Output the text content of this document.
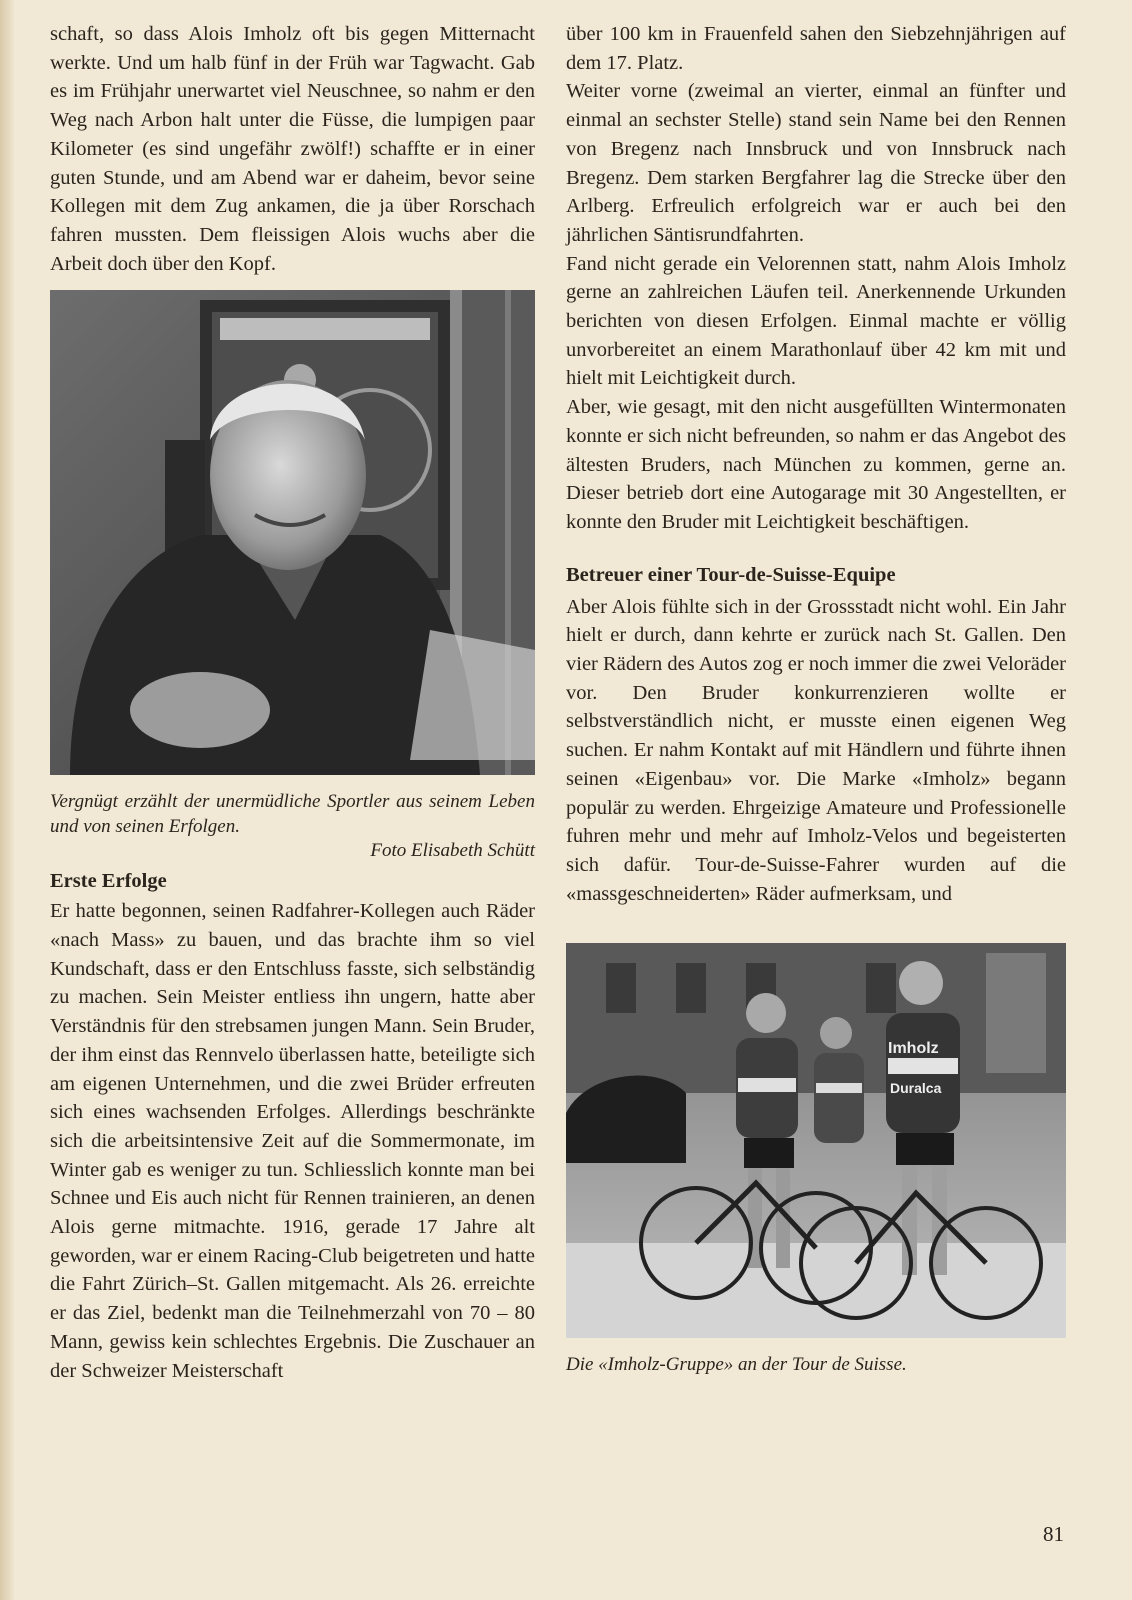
schaft, so dass Alois Imholz oft bis gegen Mitternacht werkte. Und um halb fünf in der Früh war Tagwacht. Gab es im Frühjahr unerwartet viel Neuschnee, so nahm er den Weg nach Arbon halt unter die Füsse, die lumpigen paar Kilometer (es sind ungefähr zwölf!) schaffte er in einer guten Stunde, und am Abend war er daheim, bevor seine Kollegen mit dem Zug ankamen, die ja über Rorschach fahren mussten. Dem fleissigen Alois wuchs aber die Arbeit doch über den Kopf.

Vergnügt erzählt der unermüdliche Sportler aus seinem Leben und von seinen Erfolgen.

Foto Elisabeth Schütt

Erste Erfolge

Er hatte begonnen, seinen Radfahrer-Kollegen auch Räder «nach Mass» zu bauen, und das brachte ihm so viel Kundschaft, dass er den Entschluss fasste, sich selbständig zu machen. Sein Meister entliess ihn ungern, hatte aber Verständnis für den strebsamen jungen Mann. Sein Bruder, der ihm einst das Rennvelo überlassen hatte, beteiligte sich am eigenen Unternehmen, und die zwei Brüder erfreuten sich eines wachsenden Erfolges. Allerdings beschränkte sich die arbeitsintensive Zeit auf die Sommermonate, im Winter gab es weniger zu tun. Schliesslich konnte man bei Schnee und Eis auch nicht für Rennen trainieren, an denen Alois gerne mitmachte. 1916, gerade 17 Jahre alt geworden, war er einem Racing-Club beigetreten und hatte die Fahrt Zürich–St. Gallen mitgemacht. Als 26. erreichte er das Ziel, bedenkt man die Teilnehmerzahl von 70 – 80 Mann, gewiss kein schlechtes Ergebnis. Die Zuschauer an der Schweizer Meisterschaft

über 100 km in Frauenfeld sahen den Siebzehnjährigen auf dem 17. Platz.

Weiter vorne (zweimal an vierter, einmal an fünfter und einmal an sechster Stelle) stand sein Name bei den Rennen von Bregenz nach Innsbruck und von Innsbruck nach Bregenz. Dem starken Bergfahrer lag die Strecke über den Arlberg. Erfreulich erfolgreich war er auch bei den jährlichen Säntisrundfahrten.

Fand nicht gerade ein Velorennen statt, nahm Alois Imholz gerne an zahlreichen Läufen teil. Anerkennende Urkunden berichten von diesen Erfolgen. Einmal machte er völlig unvorbereitet an einem Marathonlauf über 42 km mit und hielt mit Leichtigkeit durch.

Aber, wie gesagt, mit den nicht ausgefüllten Wintermonaten konnte er sich nicht befreunden, so nahm er das Angebot des ältesten Bruders, nach München zu kommen, gerne an. Dieser betrieb dort eine Autogarage mit 30 Angestellten, er konnte den Bruder mit Leichtigkeit beschäftigen.

Betreuer einer Tour-de-Suisse-Equipe

Aber Alois fühlte sich in der Grossstadt nicht wohl. Ein Jahr hielt er durch, dann kehrte er zurück nach St. Gallen. Den vier Rädern des Autos zog er noch immer die zwei Veloräder vor. Den Bruder konkurrenzieren wollte er selbstverständlich nicht, er musste einen eigenen Weg suchen. Er nahm Kontakt auf mit Händlern und führte ihnen seinen «Eigenbau» vor. Die Marke «Imholz» begann populär zu werden. Ehrgeizige Amateure und Professionelle fuhren mehr und mehr auf Imholz-Velos und begeisterten sich dafür. Tour-de-Suisse-Fahrer wurden auf die «massgeschneiderten» Räder aufmerksam, und

Imholz
Duralca

Die «Imholz-Gruppe» an der Tour de Suisse.

81
